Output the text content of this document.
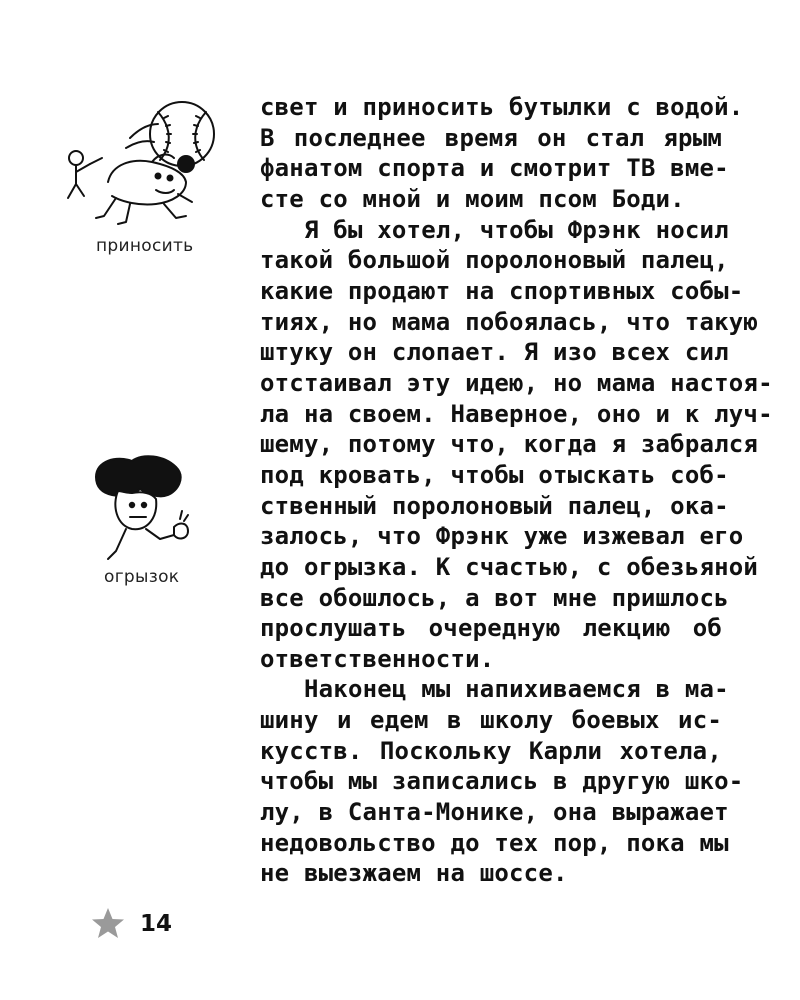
приносить
огрызок
свет и приносить бутылки с водой.
В последнее время он стал ярым
фанатом спорта и смотрит ТВ вме-
сте со мной и моим псом Боди.
Я бы хотел, чтобы Фрэнк носил
такой большой поролоновый палец,
какие продают на спортивных собы-
тиях, но мама побоялась, что такую
штуку он слопает. Я изо всех сил
отстаивал эту идею, но мама настоя-
ла на своем. Наверное, оно и к луч-
шему, потому что, когда я забрался
под кровать, чтобы отыскать соб-
ственный поролоновый палец, ока-
залось, что Фрэнк уже изжевал его
до огрызка. К счастью, с обезьяной
все обошлось, а вот мне пришлось
прослушать очередную лекцию об
ответственности.
Наконец мы напихиваемся в ма-
шину и едем в школу боевых ис-
кусств. Поскольку Карли хотела,
чтобы мы записались в другую шко-
лу, в Санта-Монике, она выражает
недовольство до тех пор, пока мы
не выезжаем на шоссе.
14
